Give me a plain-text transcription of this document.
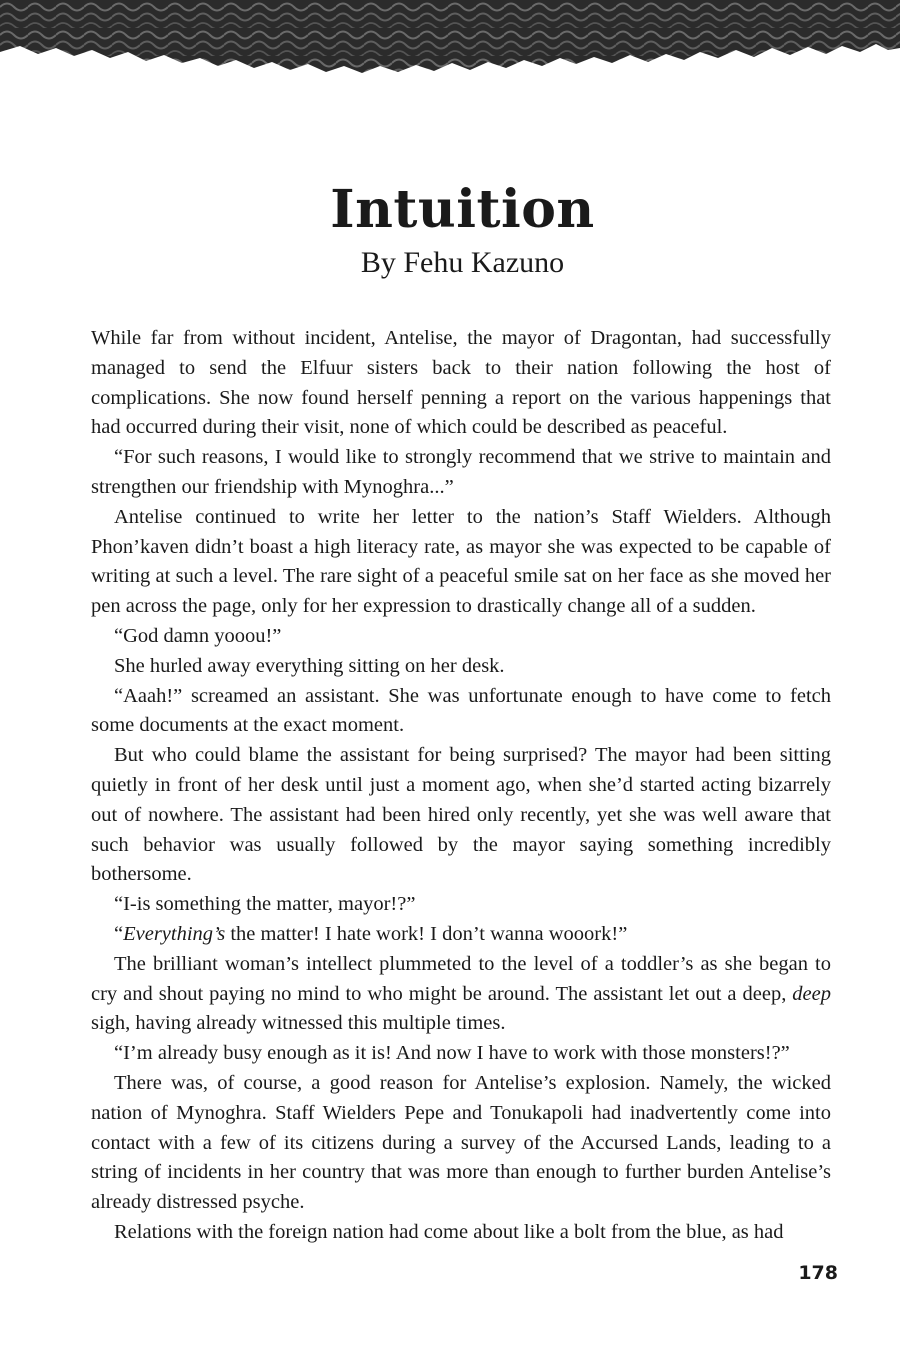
Intuition
By Fehu Kazuno

While far from without incident, Antelise, the mayor of Dragontan, had successfully managed to send the Elfuur sisters back to their nation following the host of complications. She now found herself penning a report on the various happenings that had occurred during their visit, none of which could be described as peaceful.

“For such reasons, I would like to strongly recommend that we strive to maintain and strengthen our friendship with Mynoghra...”

Antelise continued to write her letter to the nation’s Staff Wielders. Although Phon’kaven didn’t boast a high literacy rate, as mayor she was expected to be capable of writing at such a level. The rare sight of a peaceful smile sat on her face as she moved her pen across the page, only for her expression to drastically change all of a sudden.

“God damn yooou!”

She hurled away everything sitting on her desk.

“Aaah!” screamed an assistant. She was unfortunate enough to have come to fetch some documents at the exact moment.

But who could blame the assistant for being surprised? The mayor had been sitting quietly in front of her desk until just a moment ago, when she’d started acting bizarrely out of nowhere. The assistant had been hired only recently, yet she was well aware that such behavior was usually followed by the mayor saying something incredibly bothersome.

“I-is something the matter, mayor!?”

“Everything’s the matter! I hate work! I don’t wanna wooork!”

The brilliant woman’s intellect plummeted to the level of a toddler’s as she began to cry and shout paying no mind to who might be around. The assistant let out a deep, deep sigh, having already witnessed this multiple times.

“I’m already busy enough as it is! And now I have to work with those monsters!?”

There was, of course, a good reason for Antelise’s explosion. Namely, the wicked nation of Mynoghra. Staff Wielders Pepe and Tonukapoli had inadvertently come into contact with a few of its citizens during a survey of the Accursed Lands, leading to a string of incidents in her country that was more than enough to further burden Antelise’s already distressed psyche.

Relations with the foreign nation had come about like a bolt from the blue, as had

178
